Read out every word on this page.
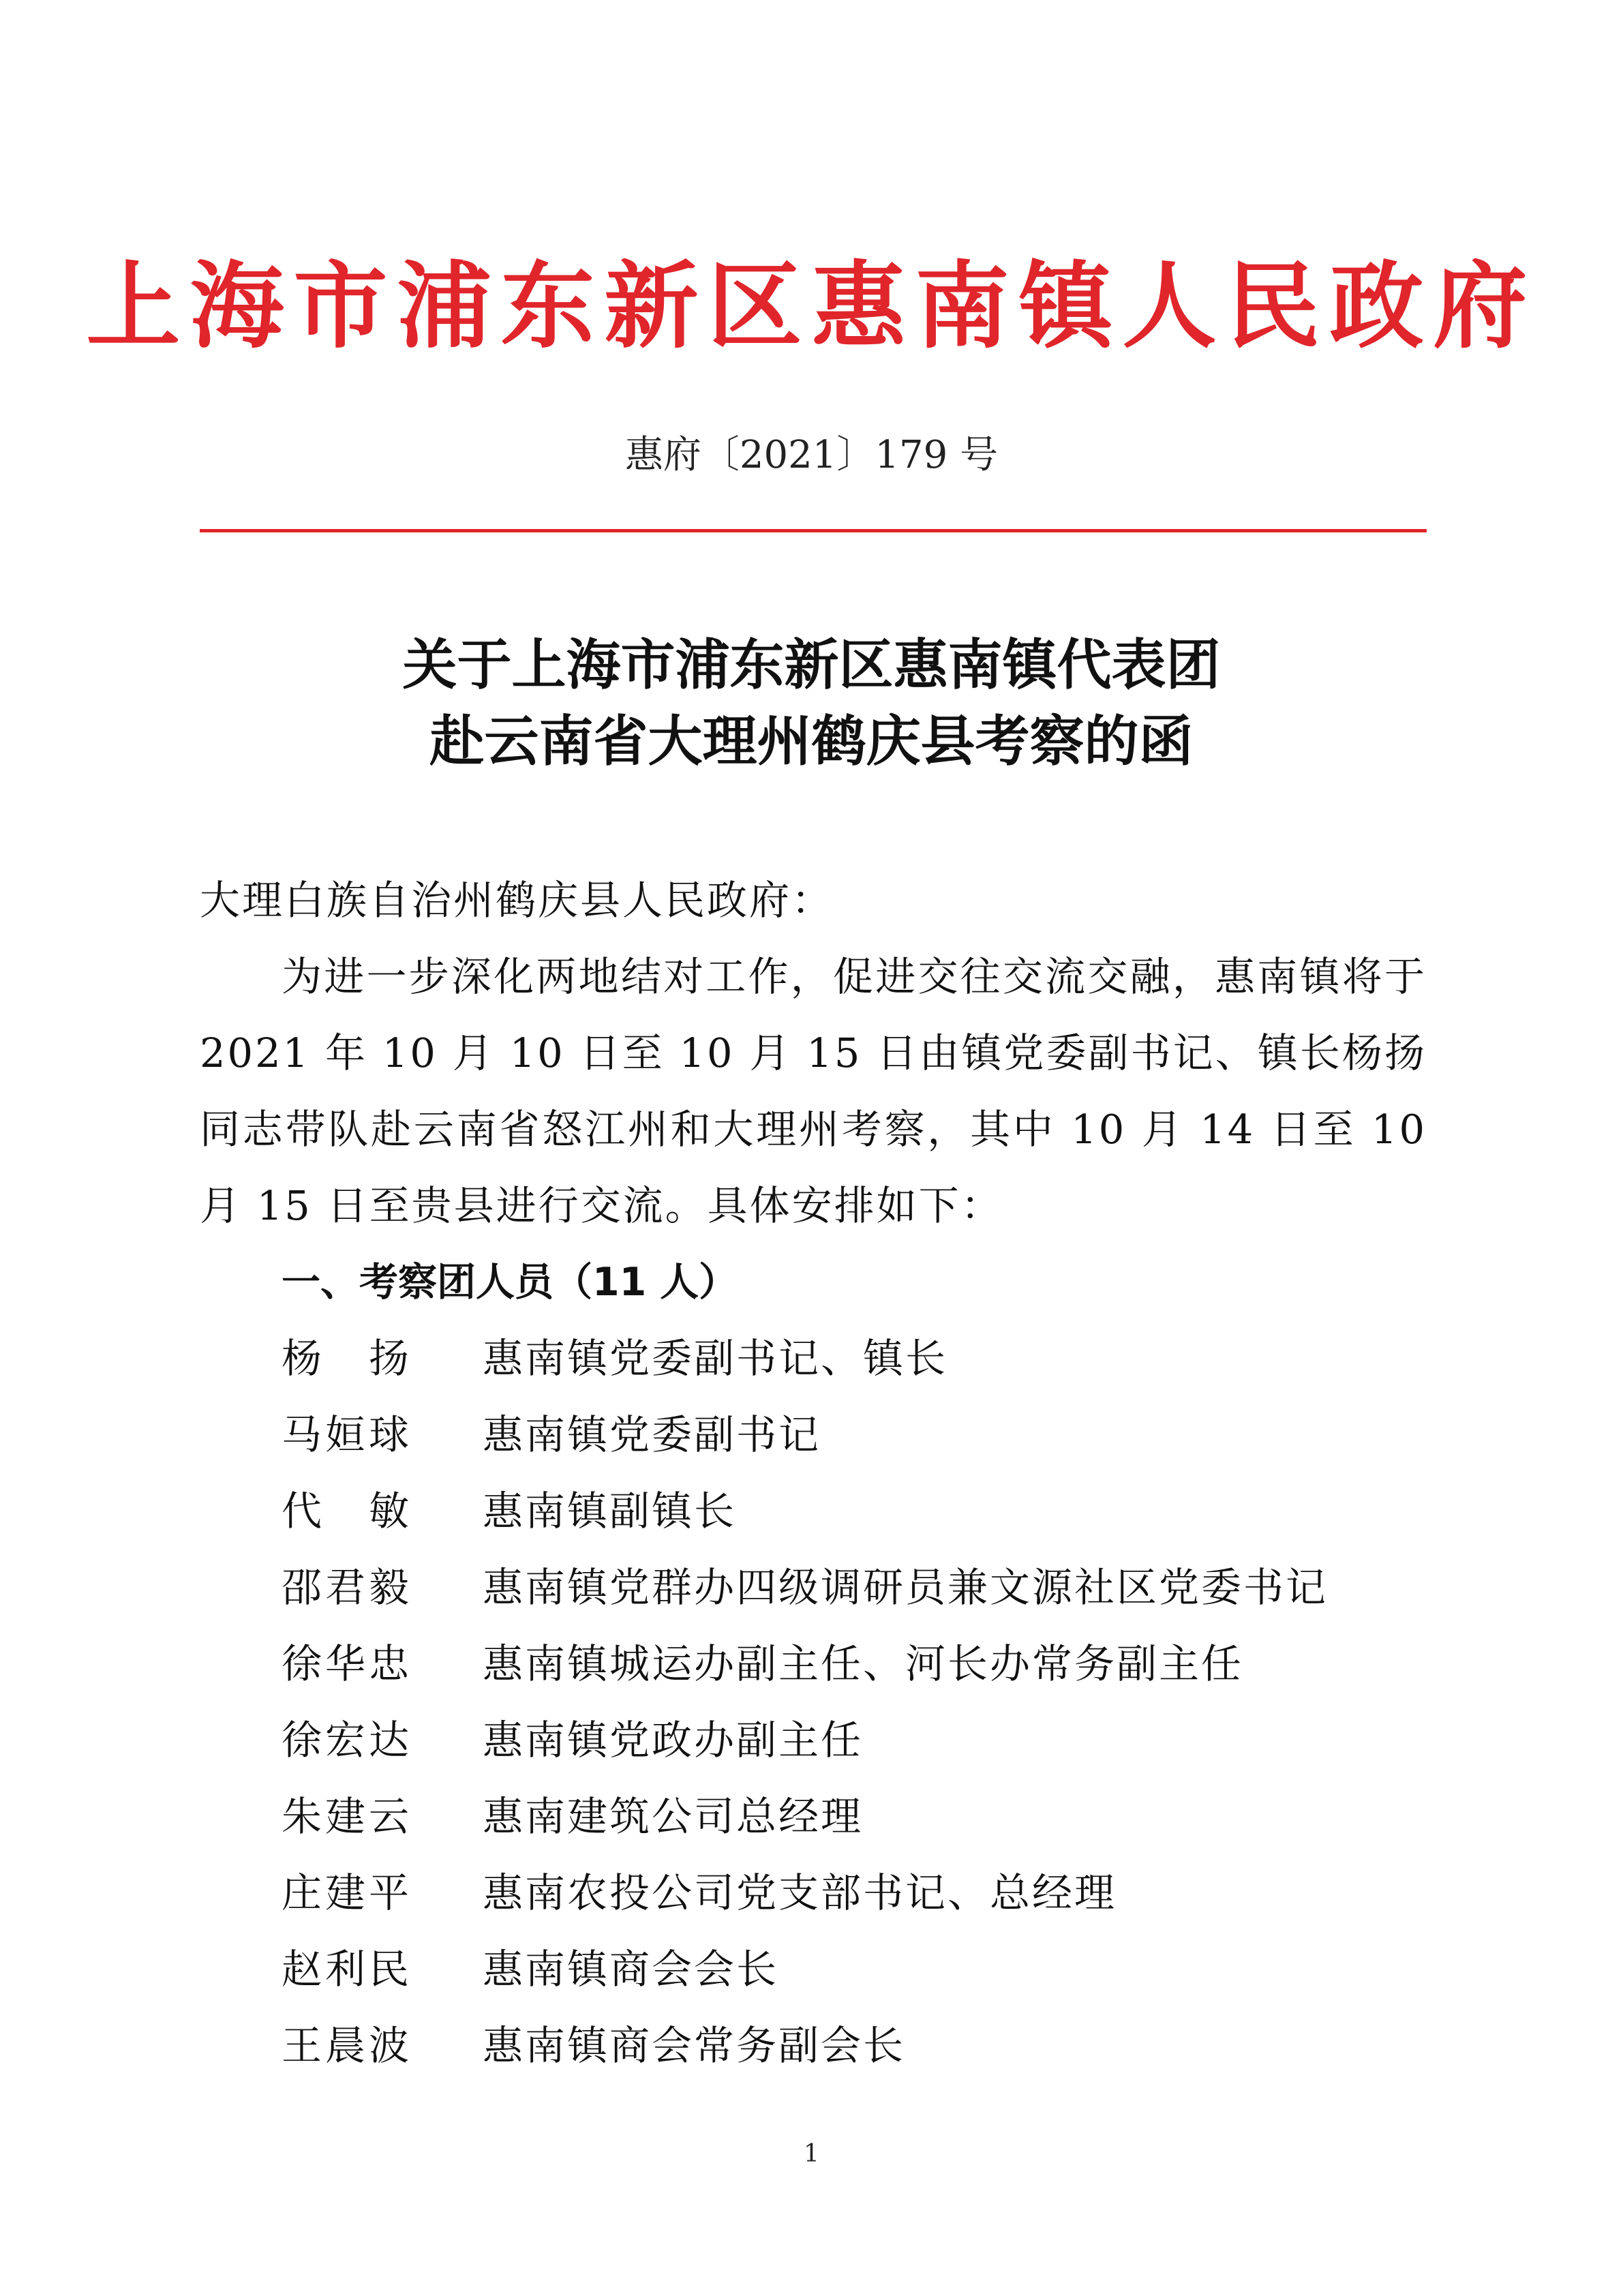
上海市浦东新区惠南镇人民政府
惠府〔2021〕179 号
关于上海市浦东新区惠南镇代表团
赴云南省大理州鹤庆县考察的函
大理白族自治州鹤庆县人民政府：
为进一步深化两地结对工作，促进交往交流交融，惠南镇将于 2021 年 10 月 10 日至 10 月 15 日由镇党委副书记、镇长杨扬同志带队赴云南省怒江州和大理州考察，其中 10 月 14 日至 10 月 15 日至贵县进行交流。具体安排如下：
一、考察团人员（11 人）
杨扬 惠南镇党委副书记、镇长
马姮球 惠南镇党委副书记
代敏 惠南镇副镇长
邵君毅 惠南镇党群办四级调研员兼文源社区党委书记
徐华忠 惠南镇城运办副主任、河长办常务副主任
徐宏达 惠南镇党政办副主任
朱建云 惠南建筑公司总经理
庄建平 惠南农投公司党支部书记、总经理
赵利民 惠南镇商会会长
王晨波 惠南镇商会常务副会长
1
